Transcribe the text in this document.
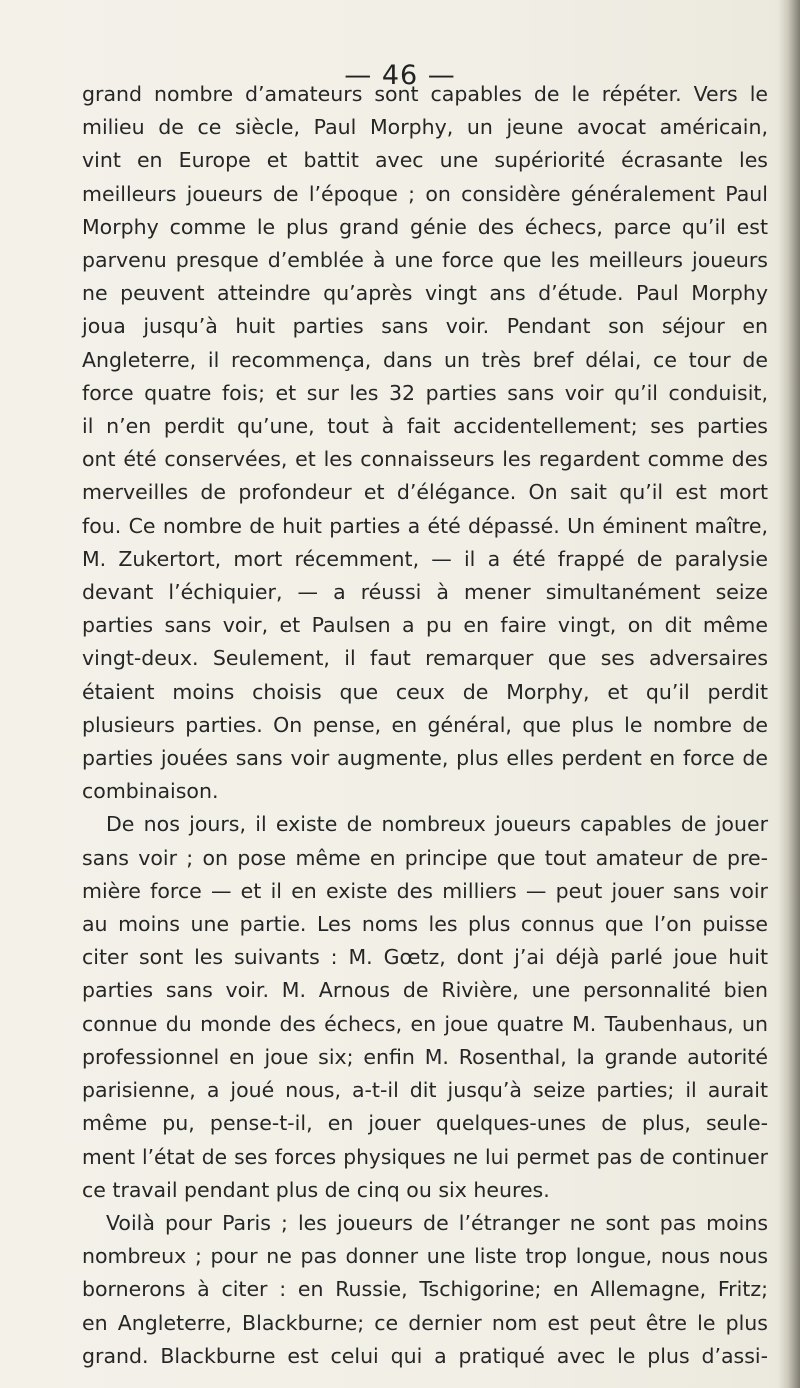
— 46 —
grand nombre d’amateurs sont capables de le répéter. Vers le
milieu de ce siècle, Paul Morphy, un jeune avocat américain,
vint en Europe et battit avec une supériorité écrasante les
meilleurs joueurs de l’époque ; on considère généralement Paul
Morphy comme le plus grand génie des échecs, parce qu’il est
parvenu presque d’emblée à une force que les meilleurs joueurs
ne peuvent atteindre qu’après vingt ans d’étude. Paul Morphy
joua jusqu’à huit parties sans voir. Pendant son séjour en
Angleterre, il recommença, dans un très bref délai, ce tour de
force quatre fois; et sur les 32 parties sans voir qu’il conduisit,
il n’en perdit qu’une, tout à fait accidentellement; ses parties
ont été conservées, et les connaisseurs les regardent comme des
merveilles de profondeur et d’élégance. On sait qu’il est mort
fou. Ce nombre de huit parties a été dépassé. Un éminent maître,
M. Zukertort, mort récemment, — il a été frappé de paralysie
devant l’échiquier, — a réussi à mener simultanément seize
parties sans voir, et Paulsen a pu en faire vingt, on dit même
vingt-deux. Seulement, il faut remarquer que ses adversaires
étaient moins choisis que ceux de Morphy, et qu’il perdit
plusieurs parties. On pense, en général, que plus le nombre de
parties jouées sans voir augmente, plus elles perdent en force de
combinaison.
De nos jours, il existe de nombreux joueurs capables de jouer
sans voir ; on pose même en principe que tout amateur de pre-
mière force — et il en existe des milliers — peut jouer sans voir
au moins une partie. Les noms les plus connus que l’on puisse
citer sont les suivants : M. Gœtz, dont j’ai déjà parlé joue huit
parties sans voir. M. Arnous de Rivière, une personnalité bien
connue du monde des échecs, en joue quatre M. Taubenhaus, un
professionnel en joue six; enfin M. Rosenthal, la grande autorité
parisienne, a joué nous, a-t-il dit jusqu’à seize parties; il aurait
même pu, pense-t-il, en jouer quelques-unes de plus, seule-
ment l’état de ses forces physiques ne lui permet pas de continuer
ce travail pendant plus de cinq ou six heures.
Voilà pour Paris ; les joueurs de l’étranger ne sont pas moins
nombreux ; pour ne pas donner une liste trop longue, nous nous
bornerons à citer : en Russie, Tschigorine; en Allemagne, Fritz;
en Angleterre, Blackburne; ce dernier nom est peut être le plus
grand. Blackburne est celui qui a pratiqué avec le plus d’assi-
